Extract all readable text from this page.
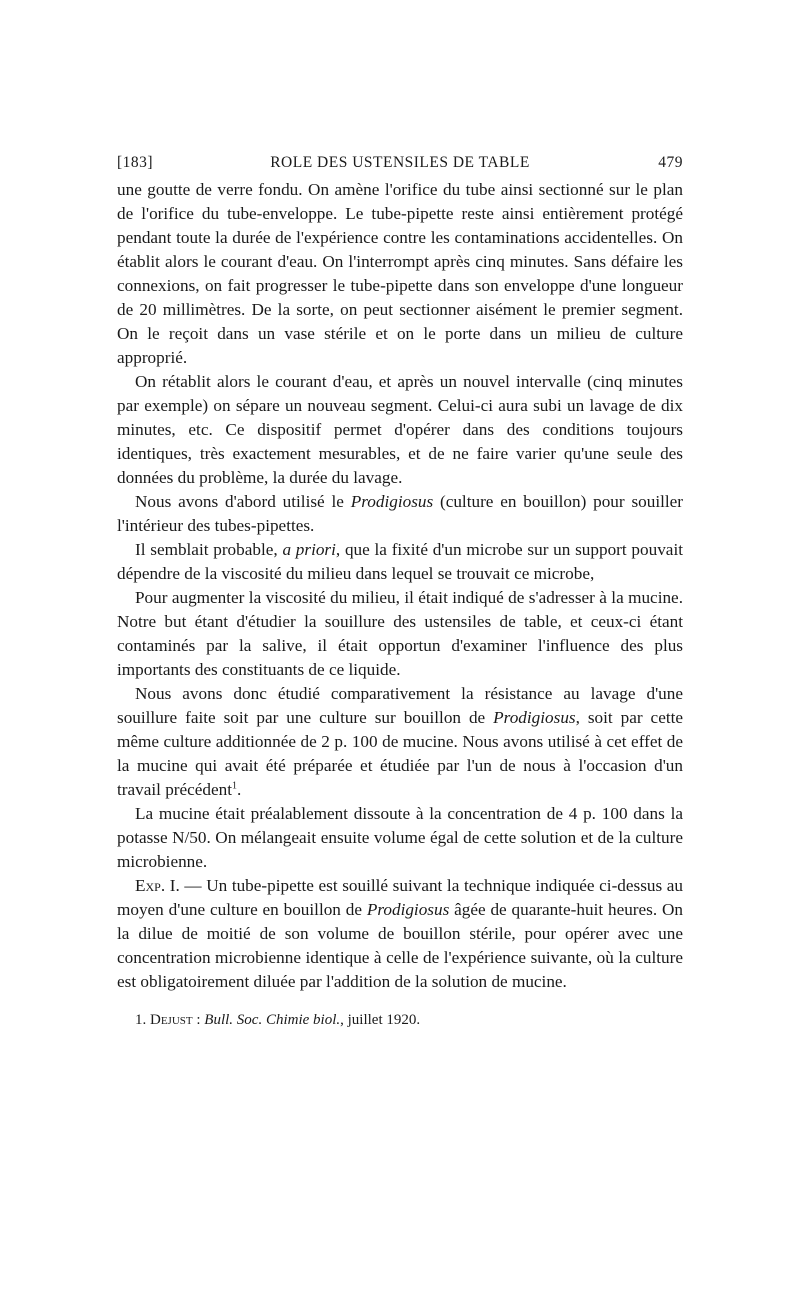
[183]	ROLE DES USTENSILES DE TABLE	479

une goutte de verre fondu. On amène l'orifice du tube ainsi sectionné sur le plan de l'orifice du tube-enveloppe. Le tube-pipette reste ainsi entièrement protégé pendant toute la durée de l'expérience contre les contaminations accidentelles. On établit alors le courant d'eau. On l'interrompt après cinq minutes. Sans défaire les connexions, on fait progresser le tube-pipette dans son enveloppe d'une longueur de 20 millimètres. De la sorte, on peut sectionner aisément le premier segment. On le reçoit dans un vase stérile et on le porte dans un milieu de culture approprié.

On rétablit alors le courant d'eau, et après un nouvel intervalle (cinq minutes par exemple) on sépare un nouveau segment. Celui-ci aura subi un lavage de dix minutes, etc. Ce dispositif permet d'opérer dans des conditions toujours identiques, très exactement mesurables, et de ne faire varier qu'une seule des données du problème, la durée du lavage.

Nous avons d'abord utilisé le Prodigiosus (culture en bouillon) pour souiller l'intérieur des tubes-pipettes.

Il semblait probable, a priori, que la fixité d'un microbe sur un support pouvait dépendre de la viscosité du milieu dans lequel se trouvait ce microbe,

Pour augmenter la viscosité du milieu, il était indiqué de s'adresser à la mucine. Notre but étant d'étudier la souillure des ustensiles de table, et ceux-ci étant contaminés par la salive, il était opportun d'examiner l'influence des plus importants des constituants de ce liquide.

Nous avons donc étudié comparativement la résistance au lavage d'une souillure faite soit par une culture sur bouillon de Prodigiosus, soit par cette même culture additionnée de 2 p. 100 de mucine. Nous avons utilisé à cet effet de la mucine qui avait été préparée et étudiée par l'un de nous à l'occasion d'un travail précédent$^1$.

La mucine était préalablement dissoute à la concentration de 4 p. 100 dans la potasse N/50. On mélangeait ensuite volume égal de cette solution et de la culture microbienne.

Exp. I. — Un tube-pipette est souillé suivant la technique indiquée ci-dessus au moyen d'une culture en bouillon de Prodigiosus âgée de quarante-huit heures. On la dilue de moitié de son volume de bouillon stérile, pour opérer avec une concentration microbienne identique à celle de l'expérience suivante, où la culture est obligatoirement diluée par l'addition de la solution de mucine.

1. Dejust : Bull. Soc. Chimie biol., juillet 1920.
